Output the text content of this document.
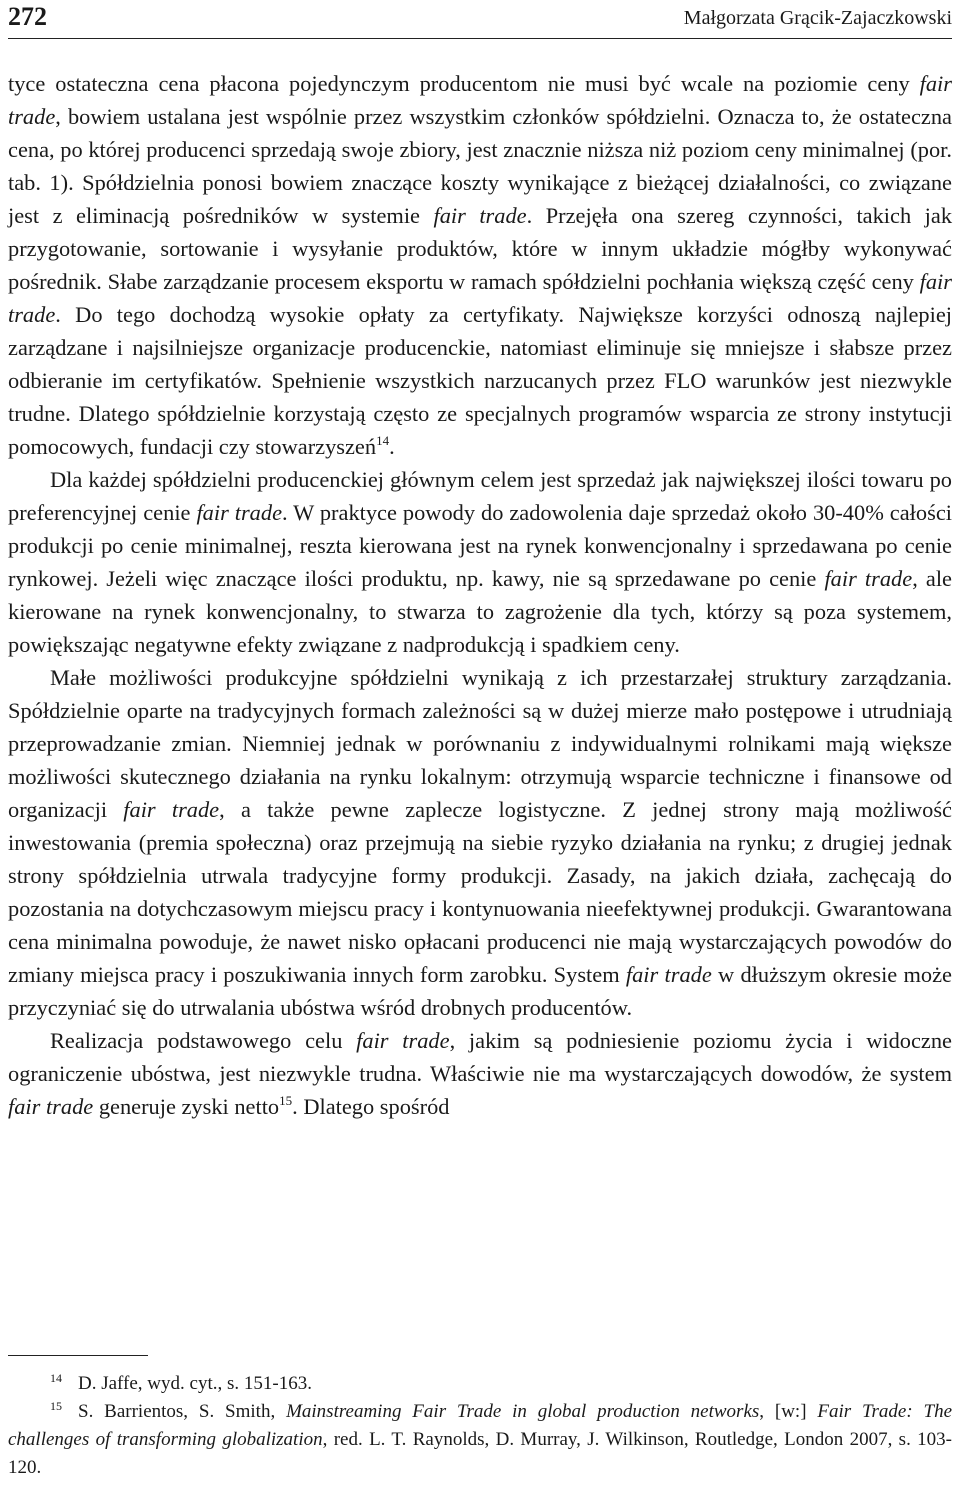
272	Małgorzata Grącik-Zajaczkowski

tyce ostateczna cena płacona pojedynczym producentom nie musi być wcale na poziomie ceny fair trade, bowiem ustalana jest wspólnie przez wszystkim członków spółdzielni. Oznacza to, że ostateczna cena, po której producenci sprzedają swoje zbiory, jest znacznie niższa niż poziom ceny minimalnej (por. tab. 1). Spółdzielnia ponosi bowiem znaczące koszty wynikające z bieżącej działalności, co związane jest z eliminacją pośredników w systemie fair trade. Przejęła ona szereg czynności, takich jak przygotowanie, sortowanie i wysyłanie produktów, które w innym układzie mógłby wykonywać pośrednik. Słabe zarządzanie procesem eksportu w ramach spółdzielni pochłania większą część ceny fair trade. Do tego dochodzą wysokie opłaty za certyfikaty. Największe korzyści odnoszą najlepiej zarządzane i najsilniejsze organizacje producenckie, natomiast eliminuje się mniejsze i słabsze przez odbieranie im certyfikatów. Spełnienie wszystkich narzucanych przez FLO warunków jest niezwykle trudne. Dlatego spółdzielnie korzystają często ze specjalnych programów wsparcia ze strony instytucji pomocowych, fundacji czy stowarzyszeń$^{14}$.

Dla każdej spółdzielni producenckiej głównym celem jest sprzedaż jak największej ilości towaru po preferencyjnej cenie fair trade. W praktyce powody do zadowolenia daje sprzedaż około 30-40% całości produkcji po cenie minimalnej, reszta kierowana jest na rynek konwencjonalny i sprzedawana po cenie rynkowej. Jeżeli więc znaczące ilości produktu, np. kawy, nie są sprzedawane po cenie fair trade, ale kierowane na rynek konwencjonalny, to stwarza to zagrożenie dla tych, którzy są poza systemem, powiększając negatywne efekty związane z nadprodukcją i spadkiem ceny.

Małe możliwości produkcyjne spółdzielni wynikają z ich przestarzałej struktury zarządzania. Spółdzielnie oparte na tradycyjnych formach zależności są w dużej mierze mało postępowe i utrudniają przeprowadzanie zmian. Niemniej jednak w porównaniu z indywidualnymi rolnikami mają większe możliwości skutecznego działania na rynku lokalnym: otrzymują wsparcie techniczne i finansowe od organizacji fair trade, a także pewne zaplecze logistyczne. Z jednej strony mają możliwość inwestowania (premia społeczna) oraz przejmują na siebie ryzyko działania na rynku; z drugiej jednak strony spółdzielnia utrwala tradycyjne formy produkcji. Zasady, na jakich działa, zachęcają do pozostania na dotychczasowym miejscu pracy i kontynuowania nieefektywnej produkcji. Gwarantowana cena minimalna powoduje, że nawet nisko opłacani producenci nie mają wystarczających powodów do zmiany miejsca pracy i poszukiwania innych form zarobku. System fair trade w dłuższym okresie może przyczyniać się do utrwalania ubóstwa wśród drobnych producentów.

Realizacja podstawowego celu fair trade, jakim są podniesienie poziomu życia i widoczne ograniczenie ubóstwa, jest niezwykle trudna. Właściwie nie ma wystarczających dowodów, że system fair trade generuje zyski netto$^{15}$. Dlatego spośród

14 D. Jaffe, wyd. cyt., s. 151-163.

15 S. Barrientos, S. Smith, Mainstreaming Fair Trade in global production networks, [w:] Fair Trade: The challenges of transforming globalization, red. L. T. Raynolds, D. Murray, J. Wilkinson, Routledge, London 2007, s. 103-120.
